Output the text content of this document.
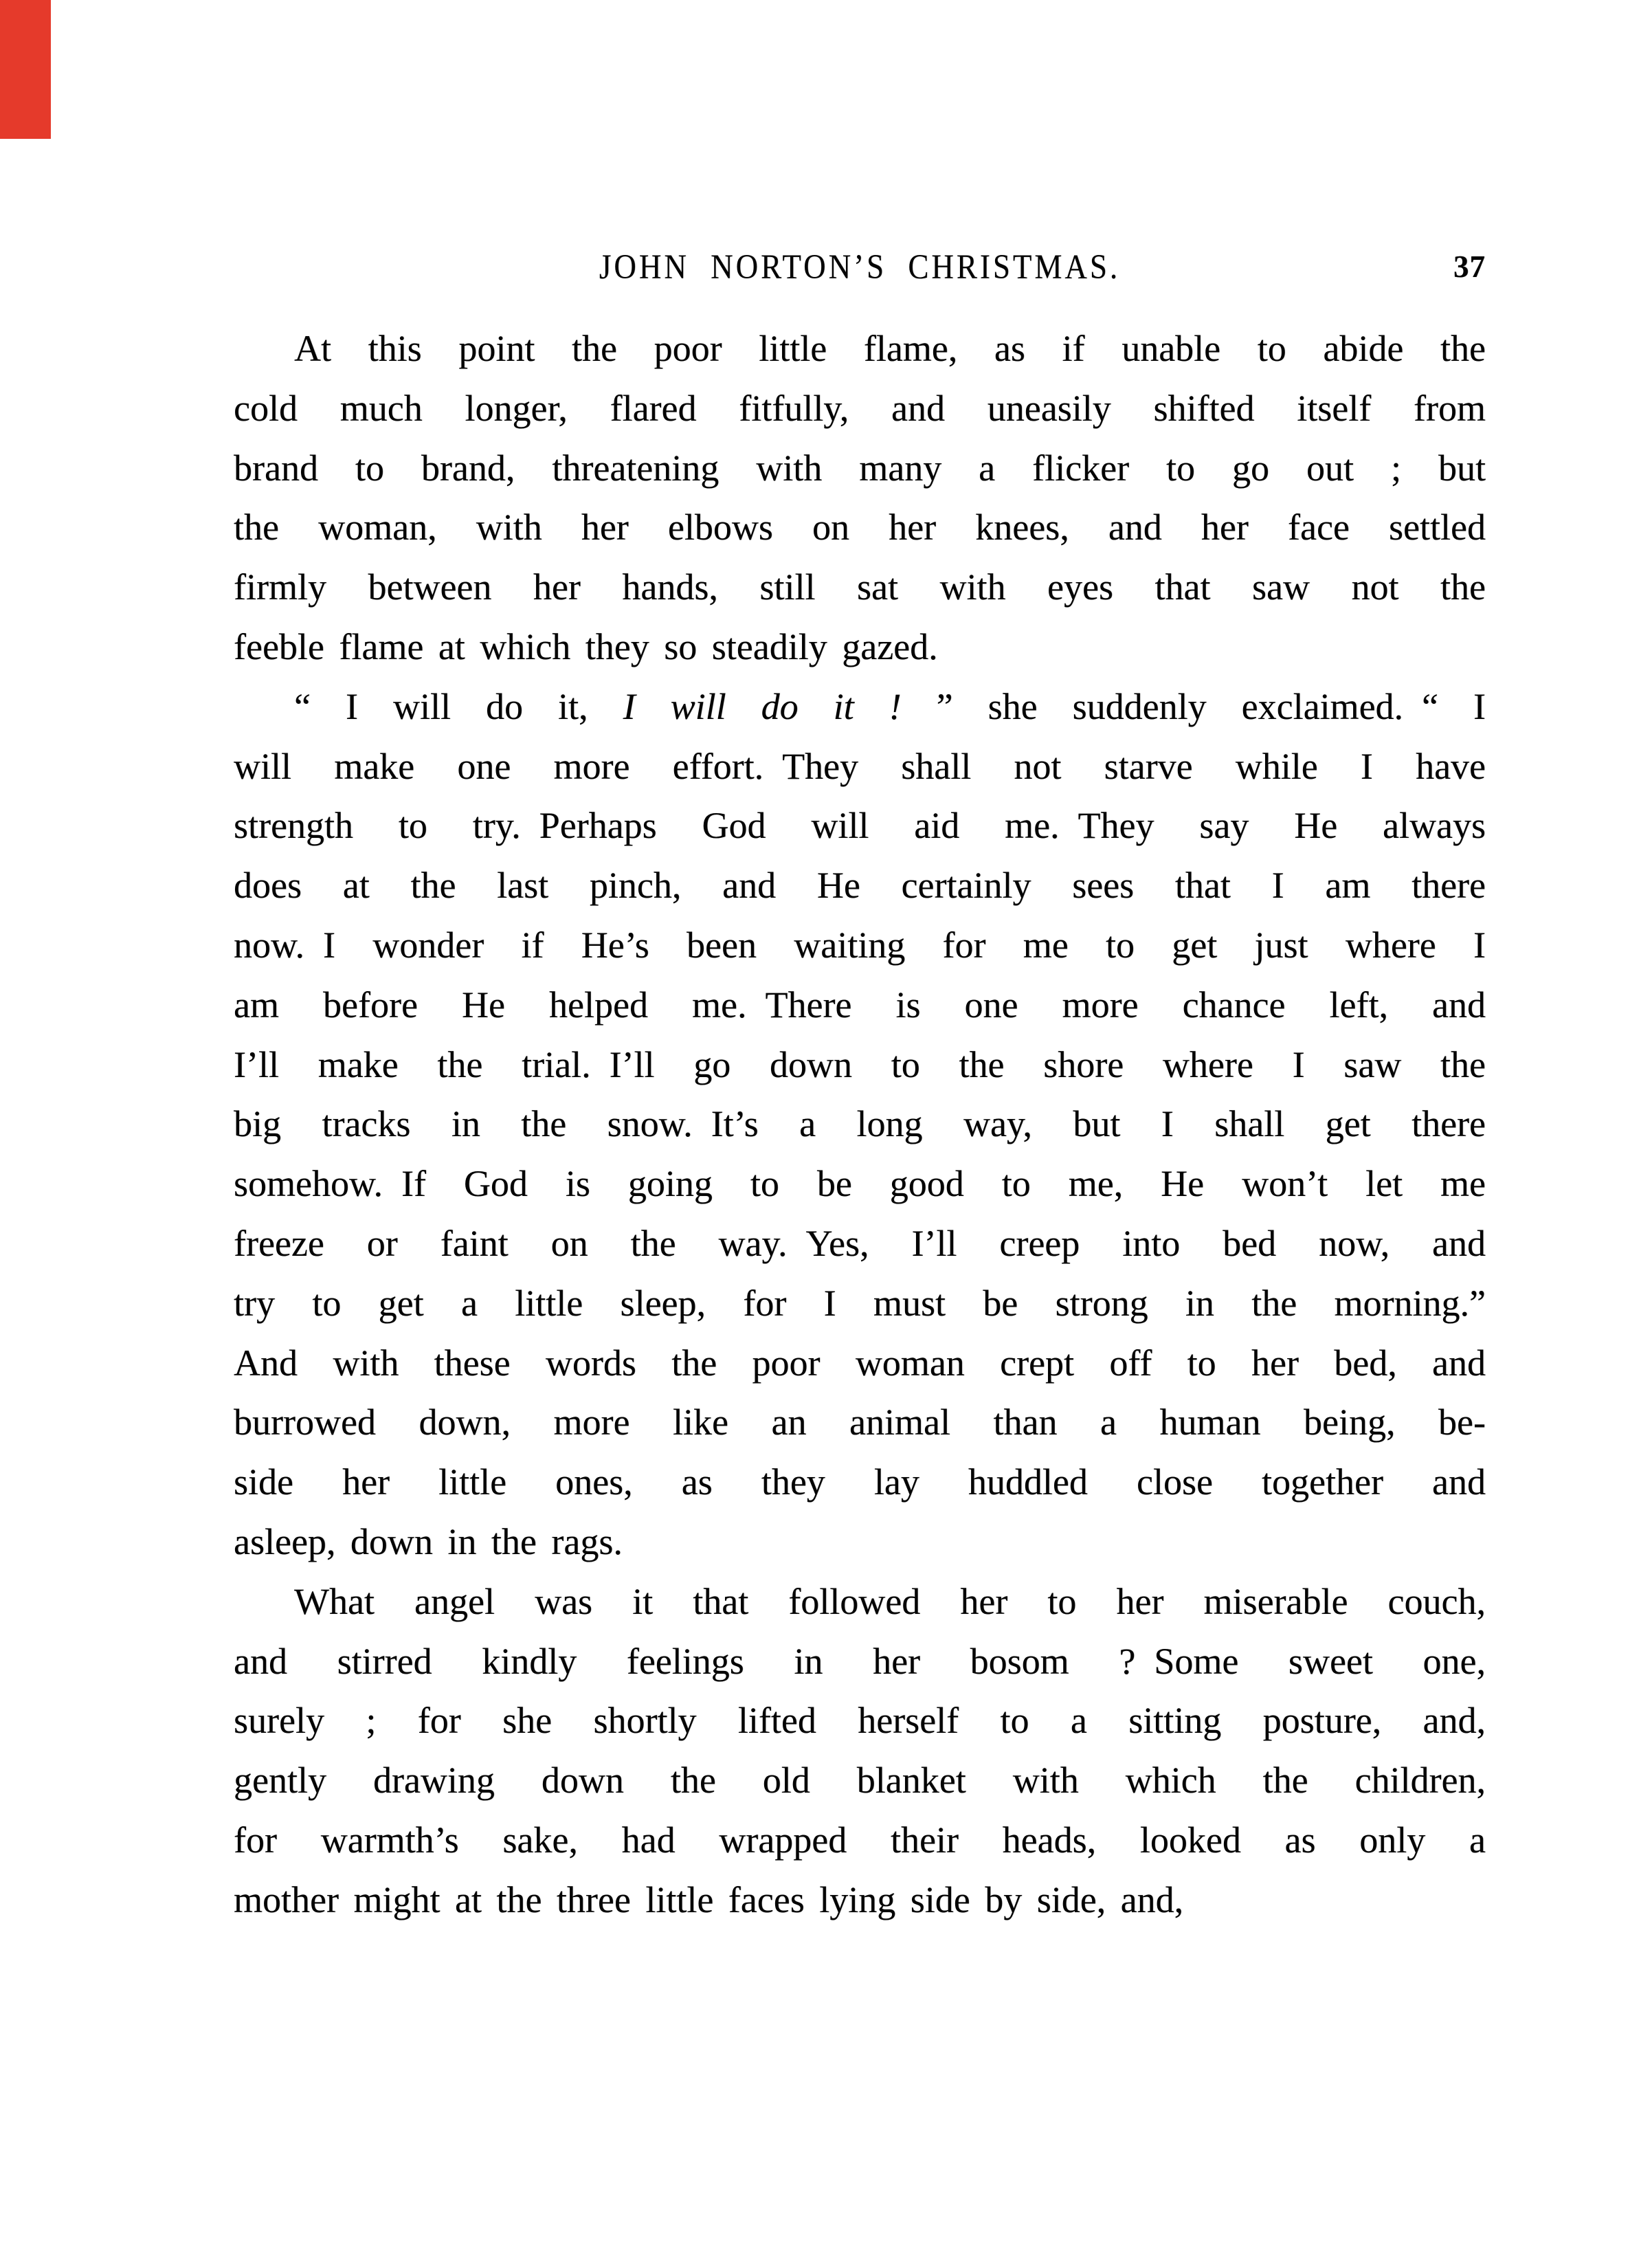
JOHN NORTON’S CHRISTMAS.	37
At this point the poor little flame, as if unable to abide the
cold much longer, flared fitfully, and uneasily shifted itself from
brand to brand, threatening with many a flicker to go out ; but
the woman, with her elbows on her knees, and her face settled
firmly between her hands, still sat with eyes that saw not the
feeble flame at which they so steadily gazed.
“ I will do it, I will do it ! ” she suddenly exclaimed. “ I
will make one more effort. They shall not starve while I have
strength to try. Perhaps God will aid me. They say He always
does at the last pinch, and He certainly sees that I am there
now. I wonder if He’s been waiting for me to get just where I
am before He helped me. There is one more chance left, and
I’ll make the trial. I’ll go down to the shore where I saw the
big tracks in the snow. It’s a long way, but I shall get there
somehow. If God is going to be good to me, He won’t let me
freeze or faint on the way. Yes, I’ll creep into bed now, and
try to get a little sleep, for I must be strong in the morning.”
And with these words the poor woman crept off to her bed, and
burrowed down, more like an animal than a human being, be-
side her little ones, as they lay huddled close together and
asleep, down in the rags.
What angel was it that followed her to her miserable couch,
and stirred kindly feelings in her bosom ? Some sweet one,
surely ; for she shortly lifted herself to a sitting posture, and,
gently drawing down the old blanket with which the children,
for warmth’s sake, had wrapped their heads, looked as only a
mother might at the three little faces lying side by side, and,
